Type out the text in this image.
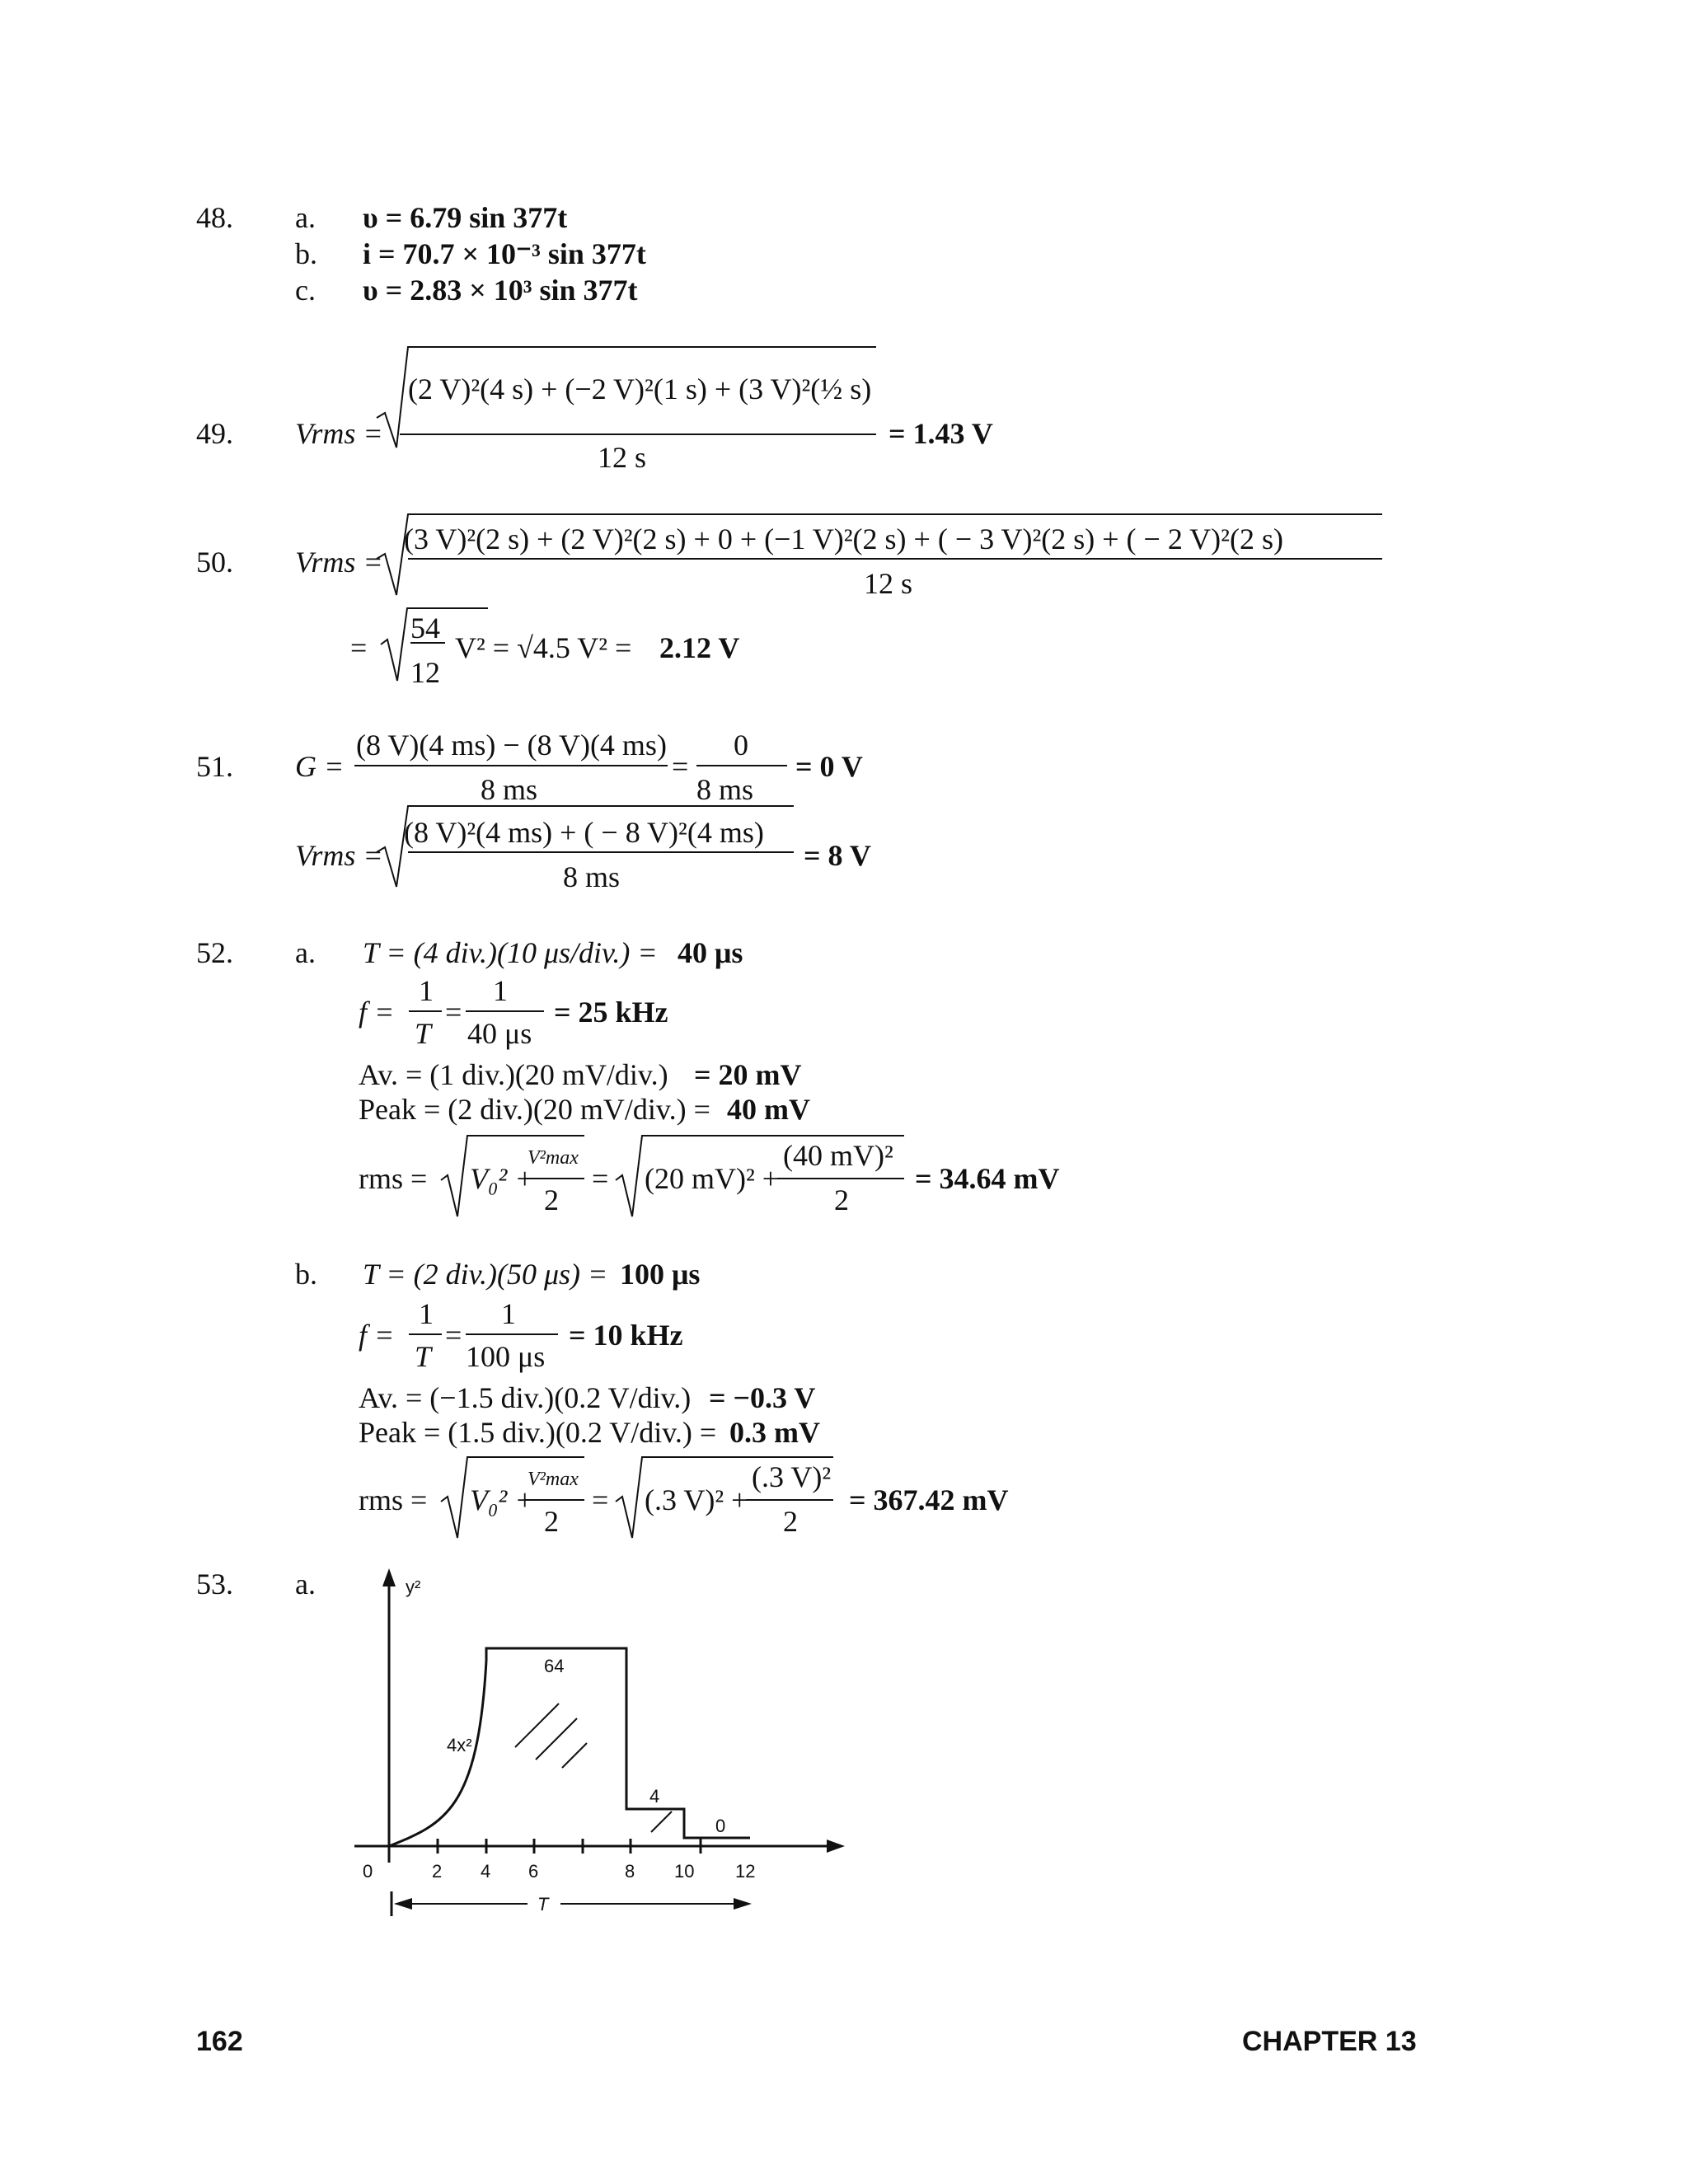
48. a. υ = 6.79 sin 377t
b. i = 70.7 × 10⁻³ sin 377t
c. υ = 2.83 × 10³ sin 377t
49. Vrms =
(2 V)²(4 s) + (−2 V)²(1 s) + (3 V)²(½ s)
12 s
= 1.43 V
50. Vrms =
(3 V)²(2 s) + (2 V)²(2 s) + 0 + (−1 V)²(2 s) + ( − 3 V)²(2 s) + ( − 2 V)²(2 s)
12 s
=
54
12
V² = √4.5 V² = 2.12 V
51. G =
(8 V)(4 ms) − (8 V)(4 ms)
8 ms
=
0
8 ms
= 0 V
Vrms =
(8 V)²(4 ms) + ( − 8 V)²(4 ms)
8 ms
= 8 V
52. a. T = (4 div.)(10 μs/div.) = 40 μs
f =
1
T
=
1
40 μs
= 25 kHz
Av. = (1 div.)(20 mV/div.) = 20 mV
Peak = (2 div.)(20 mV/div.) = 40 mV
rms = V₀² +
V²max
2
= (20 mV)² +
(40 mV)²
2
= 34.64 mV
b. T = (2 div.)(50 μs) = 100 μs
f =
1
T
=
1
100 μs
= 10 kHz
Av. = (−1.5 div.)(0.2 V/div.) = −0.3 V
Peak = (1.5 div.)(0.2 V/div.) = 0.3 mV
rms = V₀² +
V²max
2
= (.3 V)² +
(.3 V)²
2
= 367.42 mV
53. a.	y²
64
4x²
4
0
0	2 4 6	8 10 12
T
162	CHAPTER 13
